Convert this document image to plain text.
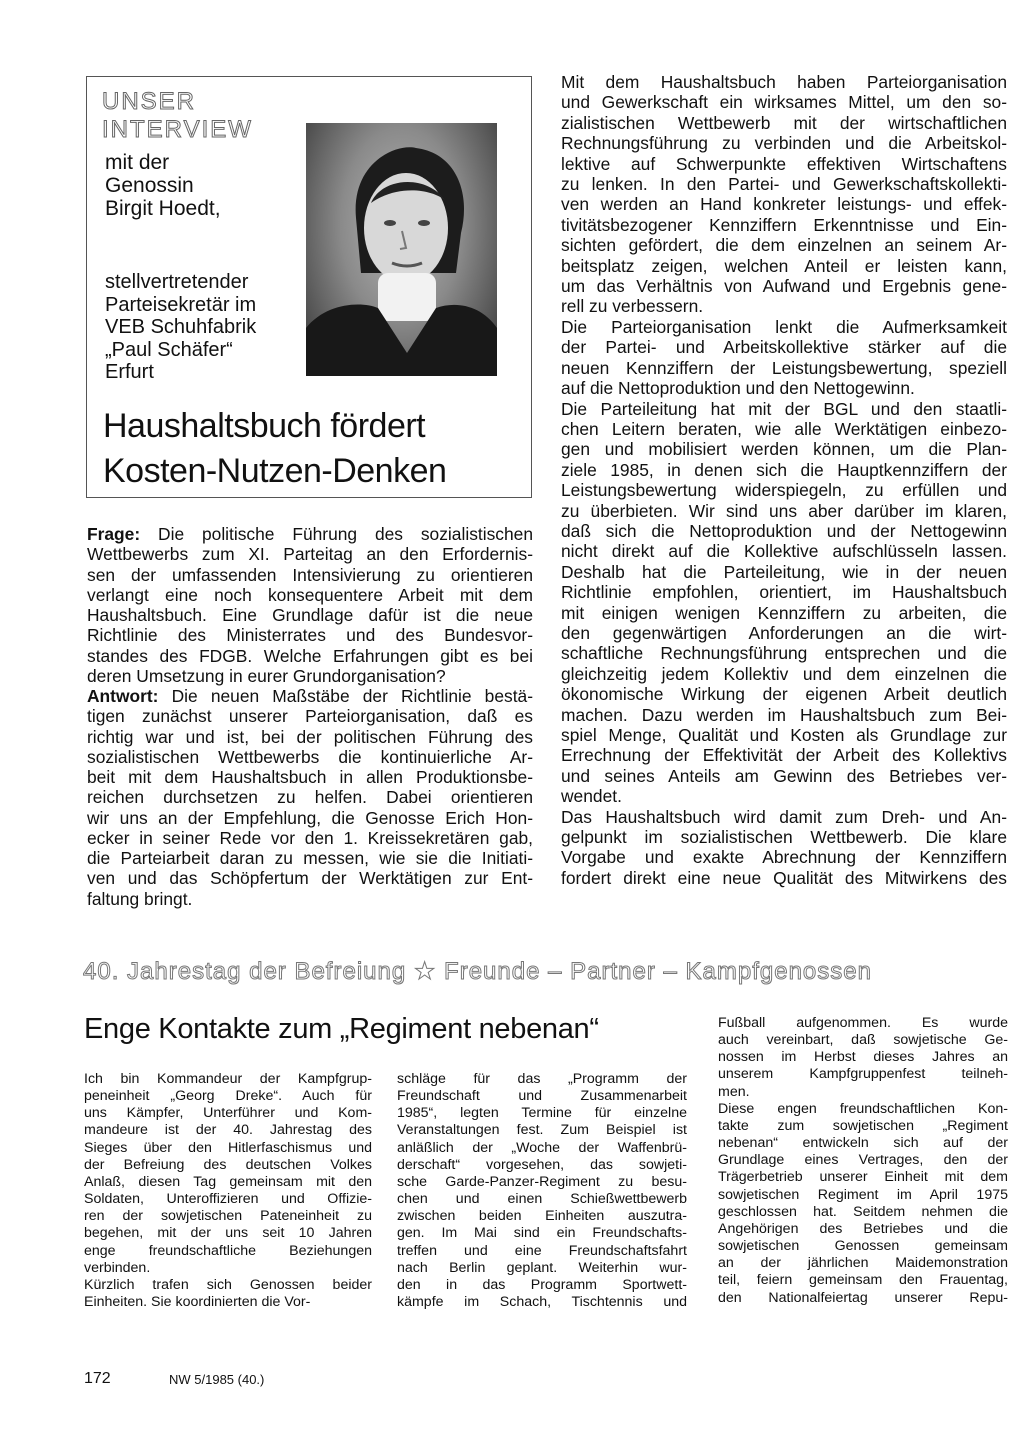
UNSER
INTERVIEW
mit der
Genossin
Birgit Hoedt,
stellvertretender
Parteisekretär im
VEB Schuhfabrik
„Paul Schäfer“
Erfurt
Haushaltsbuch fördert
Kosten-Nutzen-Denken

Frage: Die politische Führung des sozialistischen
Wettbewerbs zum XI. Parteitag an den Erfordernis-
sen der umfassenden Intensivierung zu orientieren
verlangt eine noch konsequentere Arbeit mit dem
Haushaltsbuch. Eine Grundlage dafür ist die neue
Richtlinie des Ministerrates und des Bundesvor-
standes des FDGB. Welche Erfahrungen gibt es bei
deren Umsetzung in eurer Grundorganisation?

Antwort: Die neuen Maßstäbe der Richtlinie bestä-
tigen zunächst unserer Parteiorganisation, daß es
richtig war und ist, bei der politischen Führung des
sozialistischen Wettbewerbs die kontinuierliche Ar-
beit mit dem Haushaltsbuch in allen Produktionsbe-
reichen durchsetzen zu helfen. Dabei orientieren
wir uns an der Empfehlung, die Genosse Erich Hon-
ecker in seiner Rede vor den 1. Kreissekretären gab,
die Parteiarbeit daran zu messen, wie sie die Initiati-
ven und das Schöpfertum der Werktätigen zur Ent-
faltung bringt.

Mit dem Haushaltsbuch haben Parteiorganisation
und Gewerkschaft ein wirksames Mittel, um den so-
zialistischen Wettbewerb mit der wirtschaftlichen
Rechnungsführung zu verbinden und die Arbeitskol-
lektive auf Schwerpunkte effektiven Wirtschaftens
zu lenken. In den Partei- und Gewerkschaftskollekti-
ven werden an Hand konkreter leistungs- und effek-
tivitätsbezogener Kennziffern Erkenntnisse und Ein-
sichten gefördert, die dem einzelnen an seinem Ar-
beitsplatz zeigen, welchen Anteil er leisten kann,
um das Verhältnis von Aufwand und Ergebnis gene-
rell zu verbessern.

Die Parteiorganisation lenkt die Aufmerksamkeit
der Partei- und Arbeitskollektive stärker auf die
neuen Kennziffern der Leistungsbewertung, speziell
auf die Nettoproduktion und den Nettogewinn.

Die Parteileitung hat mit der BGL und den staatli-
chen Leitern beraten, wie alle Werktätigen einbezo-
gen und mobilisiert werden können, um die Plan-
ziele 1985, in denen sich die Hauptkennziffern der
Leistungsbewertung widerspiegeln, zu erfüllen und
zu überbieten. Wir sind uns aber darüber im klaren,
daß sich die Nettoproduktion und der Nettogewinn
nicht direkt auf die Kollektive aufschlüsseln lassen.
Deshalb hat die Parteileitung, wie in der neuen
Richtlinie empfohlen, orientiert, im Haushaltsbuch
mit einigen wenigen Kennziffern zu arbeiten, die
den gegenwärtigen Anforderungen an die wirt-
schaftliche Rechnungsführung entsprechen und die
gleichzeitig jedem Kollektiv und dem einzelnen die
ökonomische Wirkung der eigenen Arbeit deutlich
machen. Dazu werden im Haushaltsbuch zum Bei-
spiel Menge, Qualität und Kosten als Grundlage zur
Errechnung der Effektivität der Arbeit des Kollektivs
und seines Anteils am Gewinn des Betriebes ver-
wendet.

Das Haushaltsbuch wird damit zum Dreh- und An-
gelpunkt im sozialistischen Wettbewerb. Die klare
Vorgabe und exakte Abrechnung der Kennziffern
fordert direkt eine neue Qualität des Mitwirkens des

40. Jahrestag der Befreiung ★ Freunde – Partner – Kampfgenossen

Enge Kontakte zum „Regiment nebenan“

Ich bin Kommandeur der Kampfgrup-
peneinheit „Georg Dreke“. Auch für
uns Kämpfer, Unterführer und Kom-
mandeure ist der 40. Jahrestag des
Sieges über den Hitlerfaschismus und
der Befreiung des deutschen Volkes
Anlaß, diesen Tag gemeinsam mit den
Soldaten, Unteroffizieren und Offizie-
ren der sowjetischen Pateneinheit zu
begehen, mit der uns seit 10 Jahren
enge freundschaftliche Beziehungen
verbinden.

Kürzlich trafen sich Genossen beider
Einheiten. Sie koordinierten die Vor-

schläge für das „Programm der
Freundschaft und Zusammenarbeit
1985“, legten Termine für einzelne
Veranstaltungen fest. Zum Beispiel ist
anläßlich der „Woche der Waffenbrü-
derschaft“ vorgesehen, das sowjeti-
sche Garde-Panzer-Regiment zu besu-
chen und einen Schießwettbewerb
zwischen beiden Einheiten auszutra-
gen. Im Mai sind ein Freundschafts-
treffen und eine Freundschaftsfahrt
nach Berlin geplant. Weiterhin wur-
den in das Programm Sportwett-
kämpfe im Schach, Tischtennis und

Fußball aufgenommen. Es wurde
auch vereinbart, daß sowjetische Ge-
nossen im Herbst dieses Jahres an
unserem Kampfgruppenfest teilneh-
men.

Diese engen freundschaftlichen Kon-
takte zum sowjetischen „Regiment
nebenan“ entwickeln sich auf der
Grundlage eines Vertrages, den der
Trägerbetrieb unserer Einheit mit dem
sowjetischen Regiment im April 1975
geschlossen hat. Seitdem nehmen die
Angehörigen des Betriebes und die
sowjetischen Genossen gemeinsam
an der jährlichen Maidemonstration
teil, feiern gemeinsam den Frauentag,
den Nationalfeiertag unserer Repu-

172	NW 5/1985 (40.)
